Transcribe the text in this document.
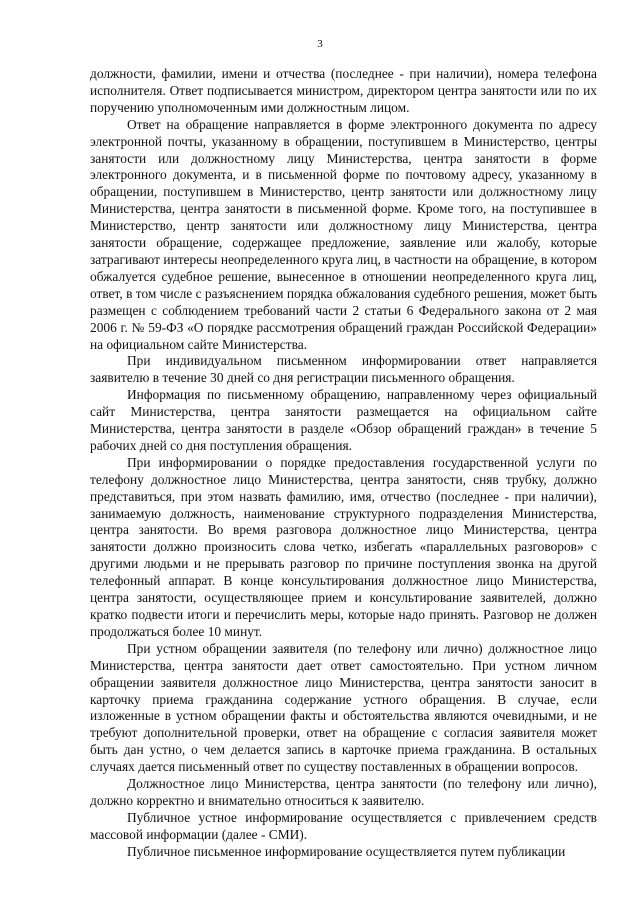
3

должности, фамилии, имени и отчества (последнее - при наличии), номера телефона исполнителя. Ответ подписывается министром, директором центра занятости или по их поручению уполномоченным ими должностным лицом.

Ответ на обращение направляется в форме электронного документа по адресу электронной почты, указанному в обращении, поступившем в Министерство, центры занятости или должностному лицу Министерства, центра занятости в форме электронного документа, и в письменной форме по почтовому адресу, указанному в обращении, поступившем в Министерство, центр занятости или должностному лицу Министерства, центра занятости в письменной форме. Кроме того, на поступившее в Министерство, центр занятости или должностному лицу Министерства, центра занятости обращение, содержащее предложение, заявление или жалобу, которые затрагивают интересы неопределенного круга лиц, в частности на обращение, в котором обжалуется судебное решение, вынесенное в отношении неопределенного круга лиц, ответ, в том числе с разъяснением порядка обжалования судебного решения, может быть размещен с соблюдением требований части 2 статьи 6 Федерального закона от 2 мая 2006 г. № 59-ФЗ «О порядке рассмотрения обращений граждан Российской Федерации» на официальном сайте Министерства.

При индивидуальном письменном информировании ответ направляется заявителю в течение 30 дней со дня регистрации письменного обращения.

Информация по письменному обращению, направленному через официальный сайт Министерства, центра занятости размещается на официальном сайте Министерства, центра занятости в разделе «Обзор обращений граждан» в течение 5 рабочих дней со дня поступления обращения.

При информировании о порядке предоставления государственной услуги по телефону должностное лицо Министерства, центра занятости, сняв трубку, должно представиться, при этом назвать фамилию, имя, отчество (последнее - при наличии), занимаемую должность, наименование структурного подразделения Министерства, центра занятости. Во время разговора должностное лицо Министерства, центра занятости должно произносить слова четко, избегать «параллельных разговоров» с другими людьми и не прерывать разговор по причине поступления звонка на другой телефонный аппарат. В конце консультирования должностное лицо Министерства, центра занятости, осуществляющее прием и консультирование заявителей, должно кратко подвести итоги и перечислить меры, которые надо принять. Разговор не должен продолжаться более 10 минут.

При устном обращении заявителя (по телефону или лично) должностное лицо Министерства, центра занятости дает ответ самостоятельно. При устном личном обращении заявителя должностное лицо Министерства, центра занятости заносит в карточку приема гражданина содержание устного обращения. В случае, если изложенные в устном обращении факты и обстоятельства являются очевидными, и не требуют дополнительной проверки, ответ на обращение с согласия заявителя может быть дан устно, о чем делается запись в карточке приема гражданина. В остальных случаях дается письменный ответ по существу поставленных в обращении вопросов.

Должностное лицо Министерства, центра занятости (по телефону или лично), должно корректно и внимательно относиться к заявителю.

Публичное устное информирование осуществляется с привлечением средств массовой информации (далее - СМИ).

Публичное письменное информирование осуществляется путем публикации
